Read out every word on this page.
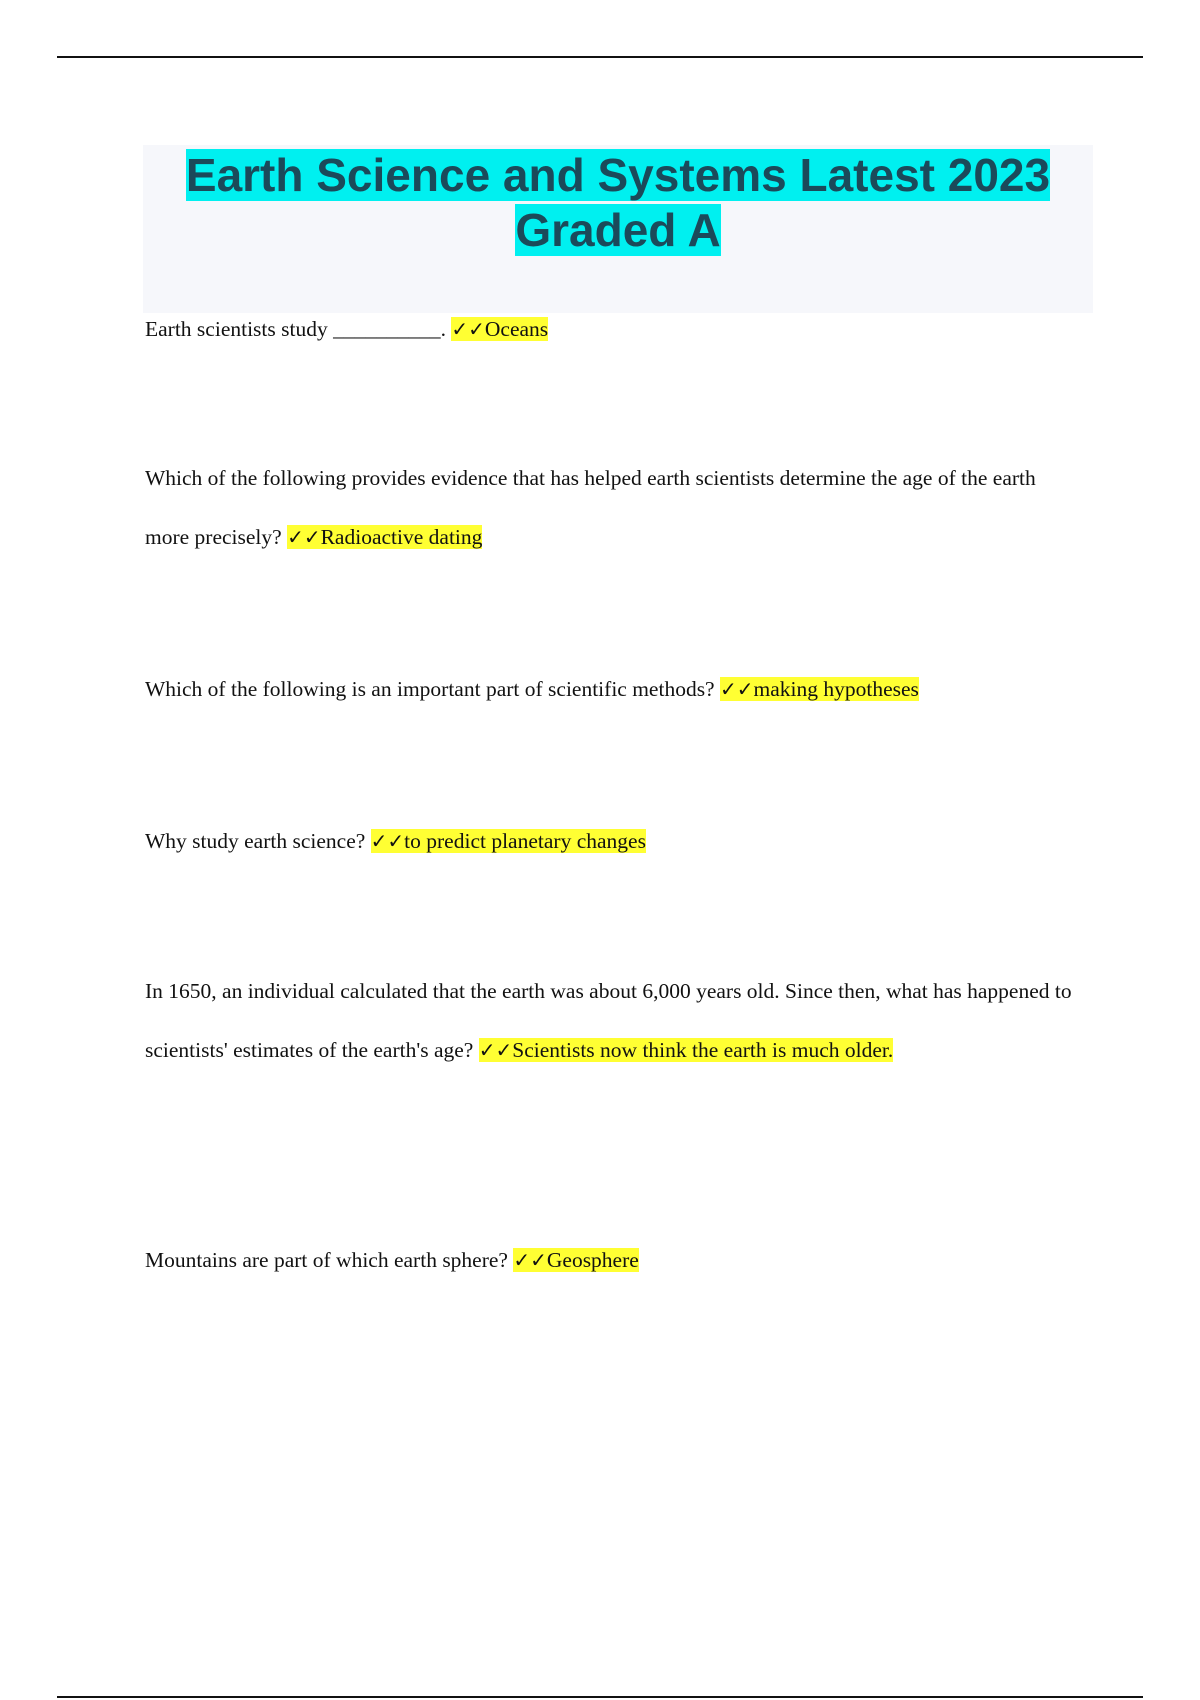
Earth Science and Systems Latest 2023 Graded A

Earth scientists study __________. ✓✓Oceans

Which of the following provides evidence that has helped earth scientists determine the age of the earth more precisely? ✓✓Radioactive dating

Which of the following is an important part of scientific methods? ✓✓making hypotheses

Why study earth science? ✓✓to predict planetary changes

In 1650, an individual calculated that the earth was about 6,000 years old. Since then, what has happened to scientists' estimates of the earth's age? ✓✓Scientists now think the earth is much older.

Mountains are part of which earth sphere? ✓✓Geosphere
